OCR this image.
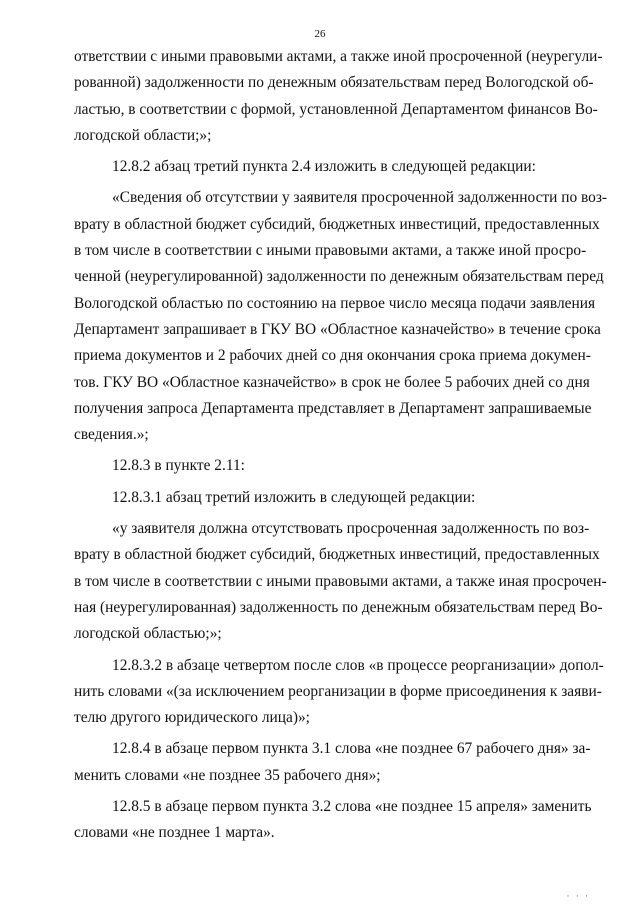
26
ответствии с иными правовыми актами, а также иной просроченной (неурегули-
рованной) задолженности по денежным обязательствам перед Вологодской об-
ластью, в соответствии с формой, установленной Департаментом финансов Во-
логодской области;»;
12.8.2 абзац третий пункта 2.4 изложить в следующей редакции:
«Сведения об отсутствии у заявителя просроченной задолженности по воз-
врату в областной бюджет субсидий, бюджетных инвестиций, предоставленных
в том числе в соответствии с иными правовыми актами, а также иной просро-
ченной (неурегулированной) задолженности по денежным обязательствам перед
Вологодской областью по состоянию на первое число месяца подачи заявления
Департамент запрашивает в ГКУ ВО «Областное казначейство» в течение срока
приема документов и 2 рабочих дней со дня окончания срока приема докумен-
тов. ГКУ ВО «Областное казначейство» в срок не более 5 рабочих дней со дня
получения запроса Департамента представляет в Департамент запрашиваемые
сведения.»;
12.8.3 в пункте 2.11:
12.8.3.1 абзац третий изложить в следующей редакции:
«у заявителя должна отсутствовать просроченная задолженность по воз-
врату в областной бюджет субсидий, бюджетных инвестиций, предоставленных
в том числе в соответствии с иными правовыми актами, а также иная просрочен-
ная (неурегулированная) задолженность по денежным обязательствам перед Во-
логодской областью;»;
12.8.3.2 в абзаце четвертом после слов «в процессе реорганизации» допол-
нить словами «(за исключением реорганизации в форме присоединения к заяви-
телю другого юридического лица)»;
12.8.4 в абзаце первом пункта 3.1 слова «не позднее 67 рабочего дня» за-
менить словами «не позднее 35 рабочего дня»;
12.8.5 в абзаце первом пункта 3.2 слова «не позднее 15 апреля» заменить
словами «не позднее 1 марта».
· · ·
